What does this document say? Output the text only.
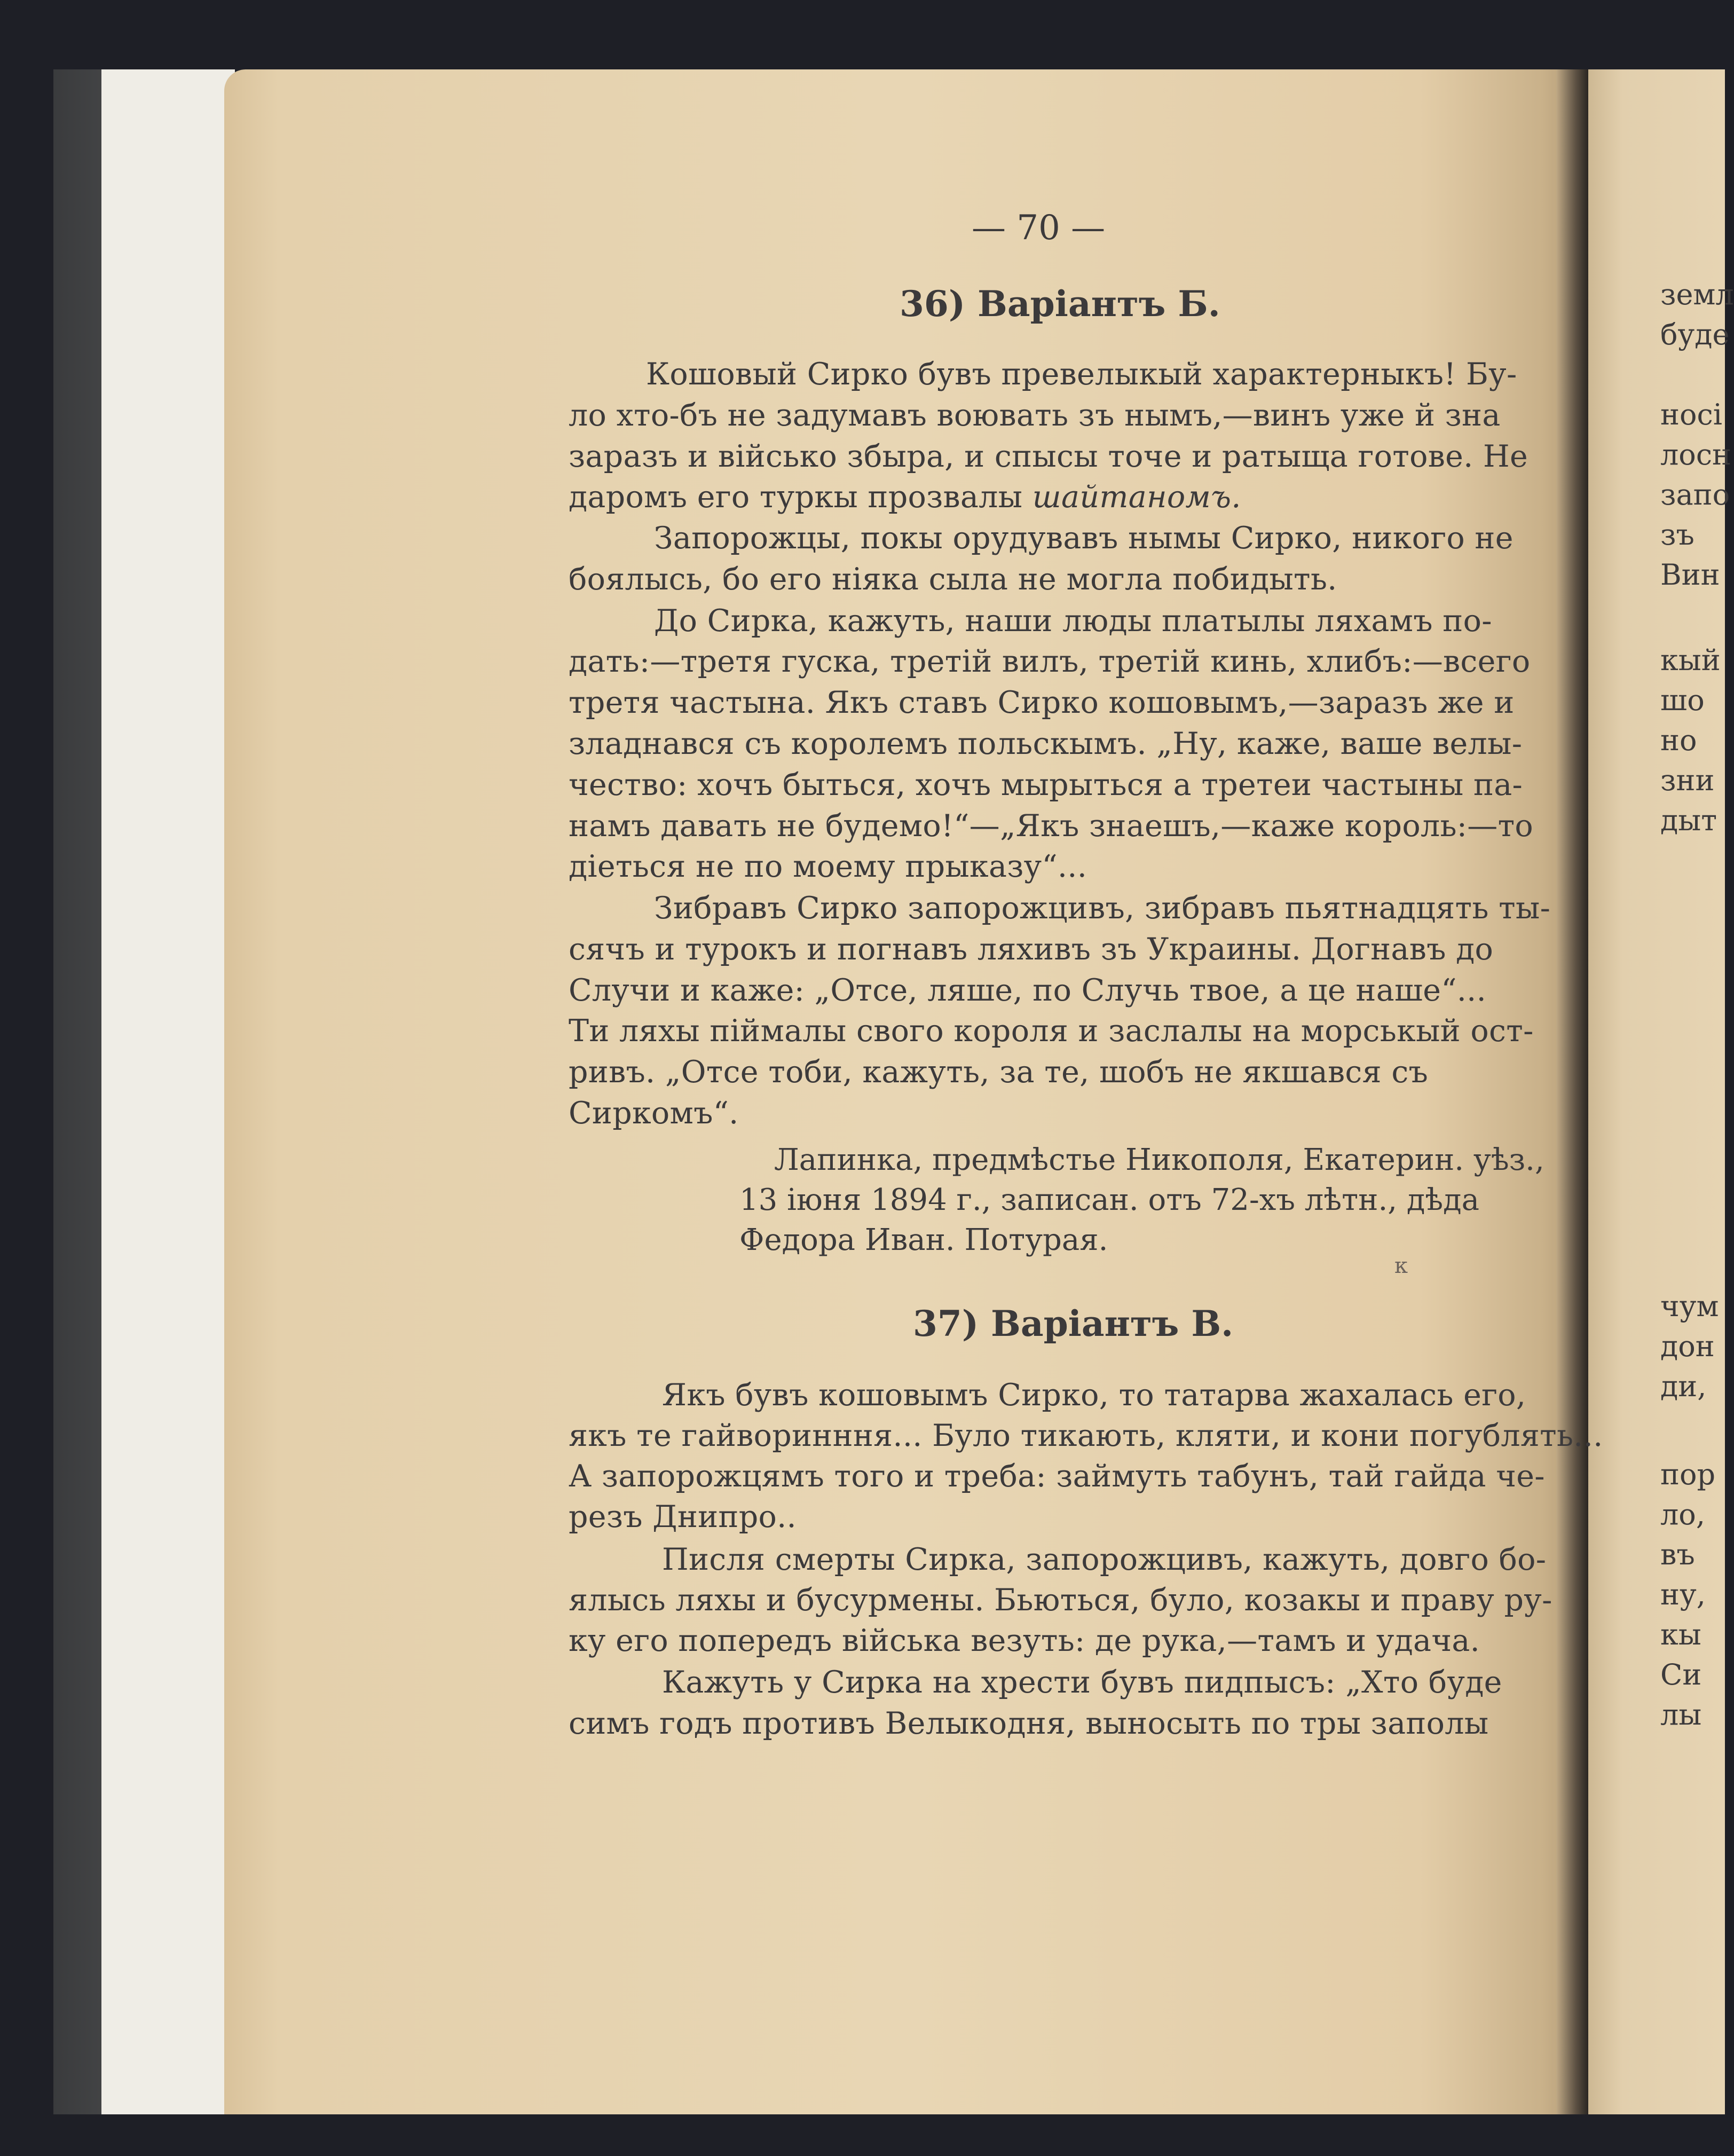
— 70 —
36) Варіантъ Б.
Кошовый Сирко бувъ превелыкый характерныкъ! Бу-
ло хто-бъ не задумавъ воювать зъ нымъ,—винъ уже й зна
заразъ и військo збыра, и спысы точе и ратыща готове. Не
даромъ его туркы прозвалы шайтаномъ.
Запорожцы, покы орудувавъ нымы Сирко, никого не
боялысь, бо его ніяка сыла не могла побидыть.
До Сирка, кажуть, наши люды платылы ляхамъ по-
дать:—третя гуска, третій вилъ, третій кинь, хлибъ:—всего
третя частына. Якъ ставъ Сирко кошовымъ,—заразъ же и
зладнався съ королемъ польскымъ. „Ну, каже, ваше велы-
чество: хочъ быться, хочъ мырыться а третеи частыны па-
намъ давать не будемо!“—„Якъ знаешъ,—каже король:—то
діеться не по моему прыказу“...
Зибравъ Сирко запорожцивъ, зибравъ пьятнадцять ты-
сячъ и турокъ и погнавъ ляхивъ зъ Украины. Догнавъ до
Случи и каже: „Отсе, ляше, по Случь твое, а це наше“...
Ти ляхы піймалы свого короля и заслалы на морськый ост-
ривъ. „Отсе тоби, кажуть, за те, шобъ не якшався съ
Сиркомъ“.
Лапинка, предмѣстье Никополя, Екатерин. уѣз.,
13 іюня 1894 г., записан. отъ 72-хъ лѣтн., дѣда
Федора Иван. Потурая.
к
37) Варіантъ В.
Якъ бувъ кошовымъ Сирко, то татарва жахалась его,
якъ те гайворинння... Було тикають, кляти, и кони погублять...
А запорожцямъ того и треба: займуть табунъ, тай гайда че-
резъ Днипро..
Писля смерты Сирка, запорожцивъ, кажуть, довго бо-
ялысь ляхы и бусурмены. Бьються, було, козакы и праву ру-
ку его попередъ війська везуть: де рука,—тамъ и удача.
Кажуть у Сирка на хрести бувъ пидпысъ: „Хто буде
симъ годъ противъ Велыкодня, выносыть по тры заполы
земл
буде
носі
лосн
запо
зъ
Вин
кый
шо
но
зни
дыт
чум
дон
ди,
пор
ло,
въ
ну,
кы
Си
лы
